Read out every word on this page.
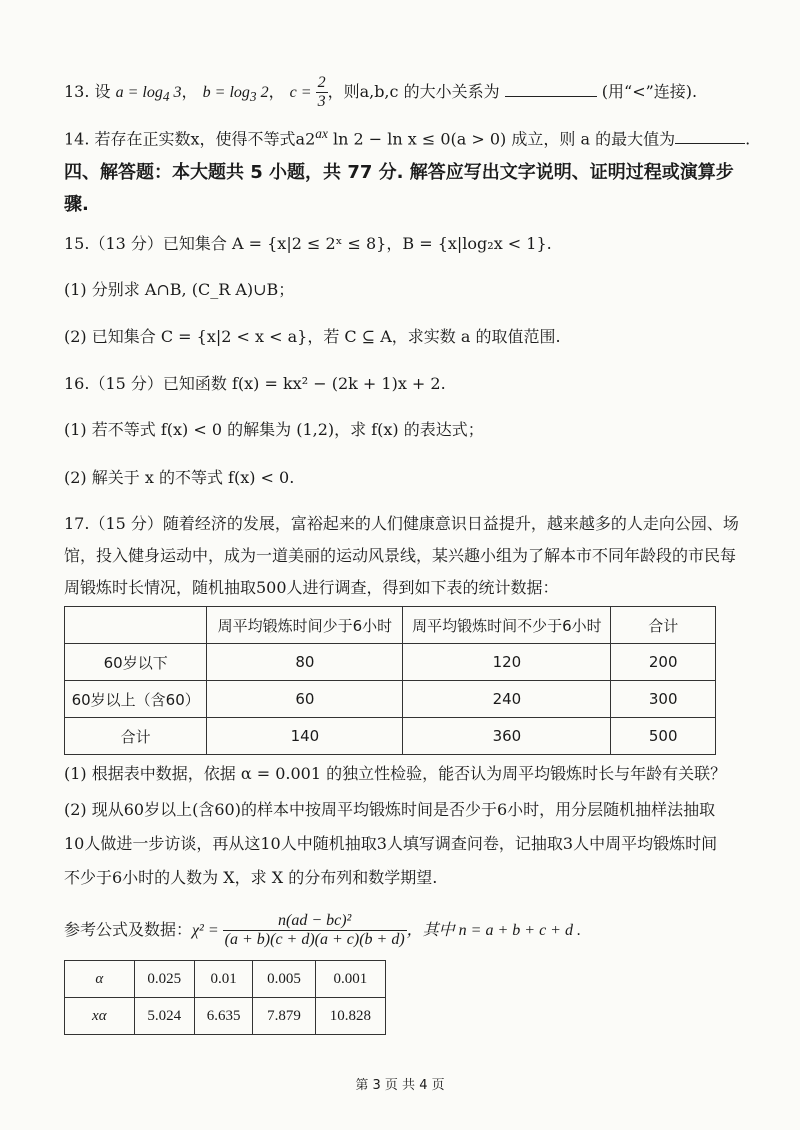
13. 设 $a = \log_4 3$， $b = \log_3 2$， $c = \frac{2}{3}$ ，则a,b,c 的大小关系为	(用“<”连接).
14. 若存在正实数x，使得不等式$a2^{ax}$ ln 2 − ln x ≤ 0(a > 0) 成立，则 a 的最大值为	.
四、解答题：本大题共 5 小题，共 77 分. 解答应写出文字说明、证明过程或演算步
骤.
15.（13 分）已知集合 A = {x|2 ≤ 2ˣ ≤ 8}，B = {x|log₂x < 1}.
(1) 分别求 A∩B, (C_R A)∪B；
(2) 已知集合 C = {x|2 < x < a}，若 C ⊆ A，求实数 a 的取值范围.
16.（15 分）已知函数 f(x) = kx² − (2k + 1)x + 2.
(1) 若不等式 f(x) < 0 的解集为 (1,2)，求 f(x) 的表达式；
(2) 解关于 x 的不等式 f(x) < 0.
17.（15 分）随着经济的发展，富裕起来的人们健康意识日益提升，越来越多的人走向公园、场
馆，投入健身运动中，成为一道美丽的运动风景线，某兴趣小组为了解本市不同年龄段的市民每
周锻炼时长情况，随机抽取500人进行调查，得到如下表的统计数据：
	周平均锻炼时间少于6小时	周平均锻炼时间不少于6小时	合计
60岁以下	80	120	200
60岁以上（含60）	60	240	300
合计	140	360	500
(1) 根据表中数据，依据 α = 0.001 的独立性检验，能否认为周平均锻炼时长与年龄有关联？
(2) 现从60岁以上(含60)的样本中按周平均锻炼时间是否少于6小时，用分层随机抽样法抽取
10人做进一步访谈，再从这10人中随机抽取3人填写调查问卷，记抽取3人中周平均锻炼时间
不少于6小时的人数为 X，求 X 的分布列和数学期望.
参考公式及数据：$\chi^2 = \frac{\text{n(ad − bc)²}}{(a + b)(c + d)(a + c)(b + d)}$ ，其中 n = a + b + c + d .
α	0.025	0.01	0.005	0.001
xα	5.024	6.635	7.879	10.828
第 3 页 共 4 页
